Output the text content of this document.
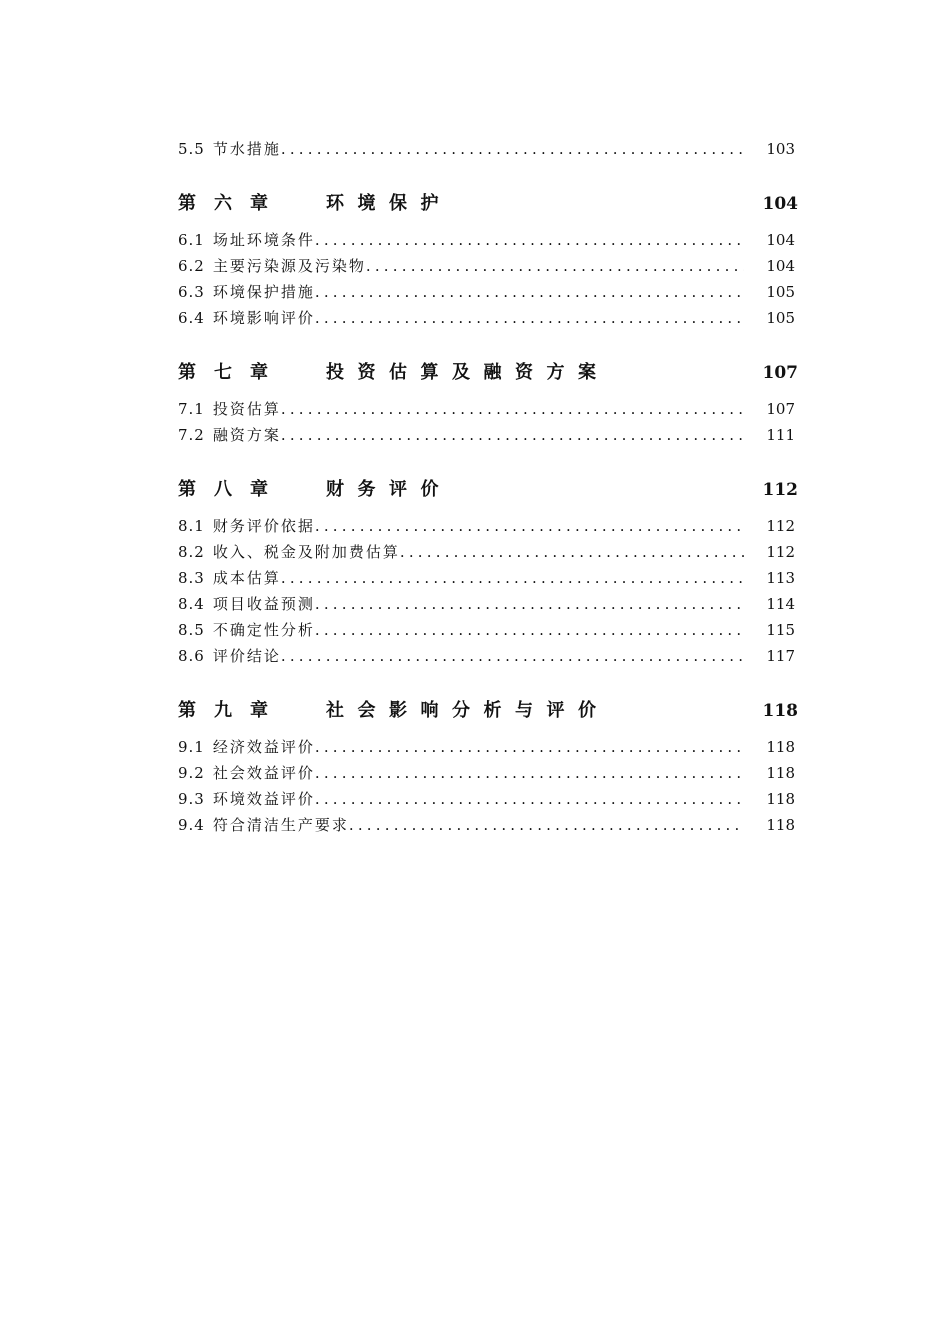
5.5 节水措施 .....	103
第六章	环境保护	104
6.1 场址环境条件 .....	104
6.2 主要污染源及污染物 .....	104
6.3 环境保护措施 .....	105
6.4 环境影响评价 .....	105
第七章	投资估算及融资方案	107
7.1 投资估算 .....	107
7.2 融资方案 .....	111
第八章	财务评价	112
8.1 财务评价依据 .....	112
8.2 收入、税金及附加费估算 .....	112
8.3 成本估算 .....	113
8.4 项目收益预测 .....	114
8.5 不确定性分析 .....	115
8.6 评价结论 .....	117
第九章	社会影响分析与评价	118
9.1 经济效益评价 .....	118
9.2 社会效益评价 .....	118
9.3 环境效益评价 .....	118
9.4 符合清洁生产要求 .....	118
